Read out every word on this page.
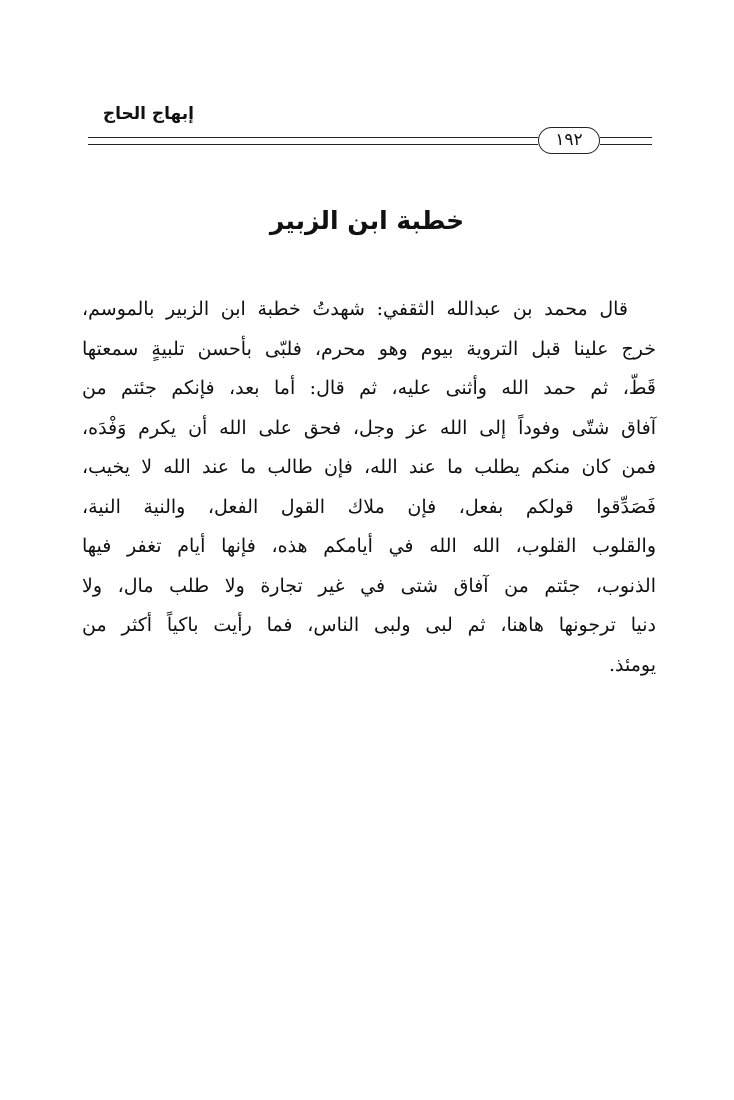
إبهاج الحاج
١٩٢
خطبة ابن الزبير
قال محمد بن عبدالله الثقفي: شهدتُ خطبة ابن الزبير بالموسم،
خرج علينا قبل التروية بيوم وهو محرم، فلبّى بأحسن تلبيةٍ سمعتها
قَطّ، ثم حمد الله وأثنى عليه، ثم قال: أما بعد، فإنكم جئتم من
آفاق شتّى وفوداً إلى الله عز وجل، فحق على الله أن يكرم وَفْدَه،
فمن كان منكم يطلب ما عند الله، فإن طالب ما عند الله لا يخيب،
فَصَدِّقوا قولكم بفعل، فإن ملاك القول الفعل، والنية النية،
والقلوب القلوب، الله الله في أيامكم هذه، فإنها أيام تغفر فيها
الذنوب، جئتم من آفاق شتى في غير تجارة ولا طلب مال، ولا
دنيا ترجونها هاهنا، ثم لبى ولبى الناس، فما رأيت باكياً أكثر من
يومئذ.
